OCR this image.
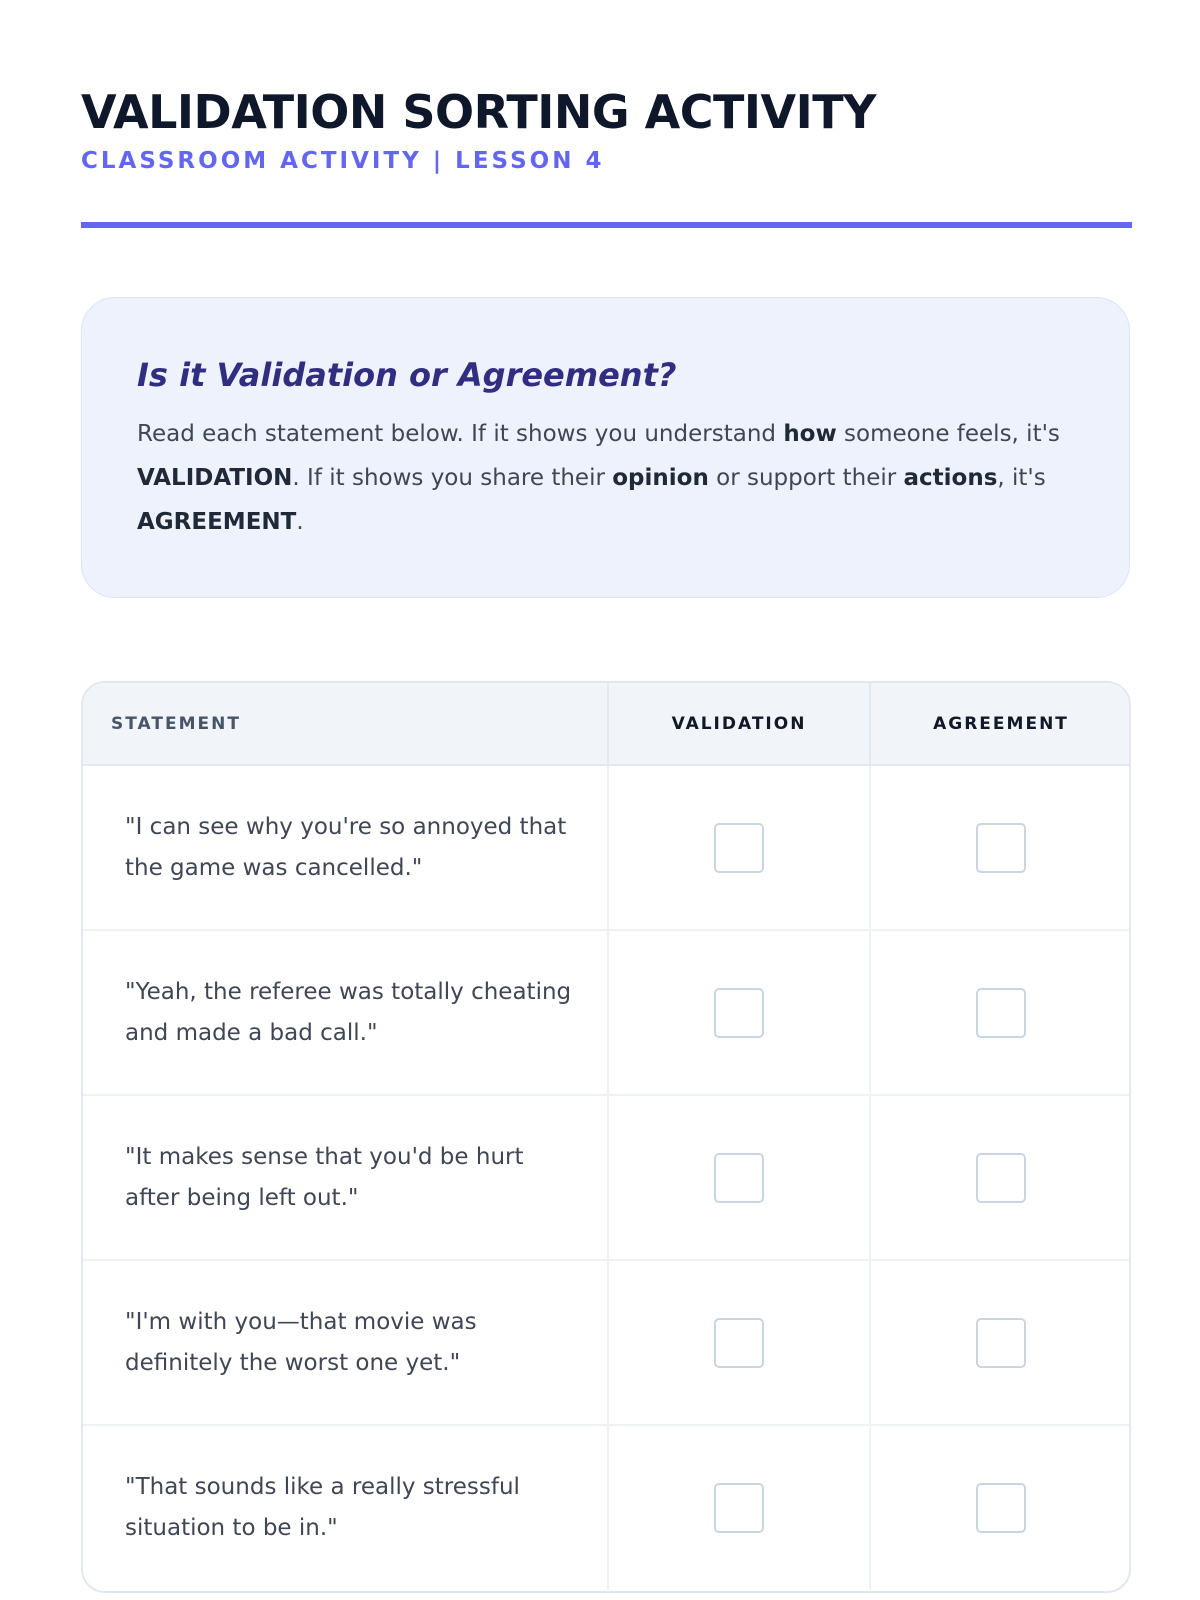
VALIDATION SORTING ACTIVITY
CLASSROOM ACTIVITY | LESSON 4
Is it Validation or Agreement?

Read each statement below. If it shows you understand how someone feels, it's VALIDATION. If it shows you share their opinion or support their actions, it's AGREEMENT.

STATEMENT	VALIDATION	AGREEMENT
"I can see why you're so annoyed that the game was cancelled."		
"Yeah, the referee was totally cheating and made a bad call."		
"It makes sense that you'd be hurt after being left out."		
"I'm with you—that movie was definitely the worst one yet."		
"That sounds like a really stressful situation to be in."		
